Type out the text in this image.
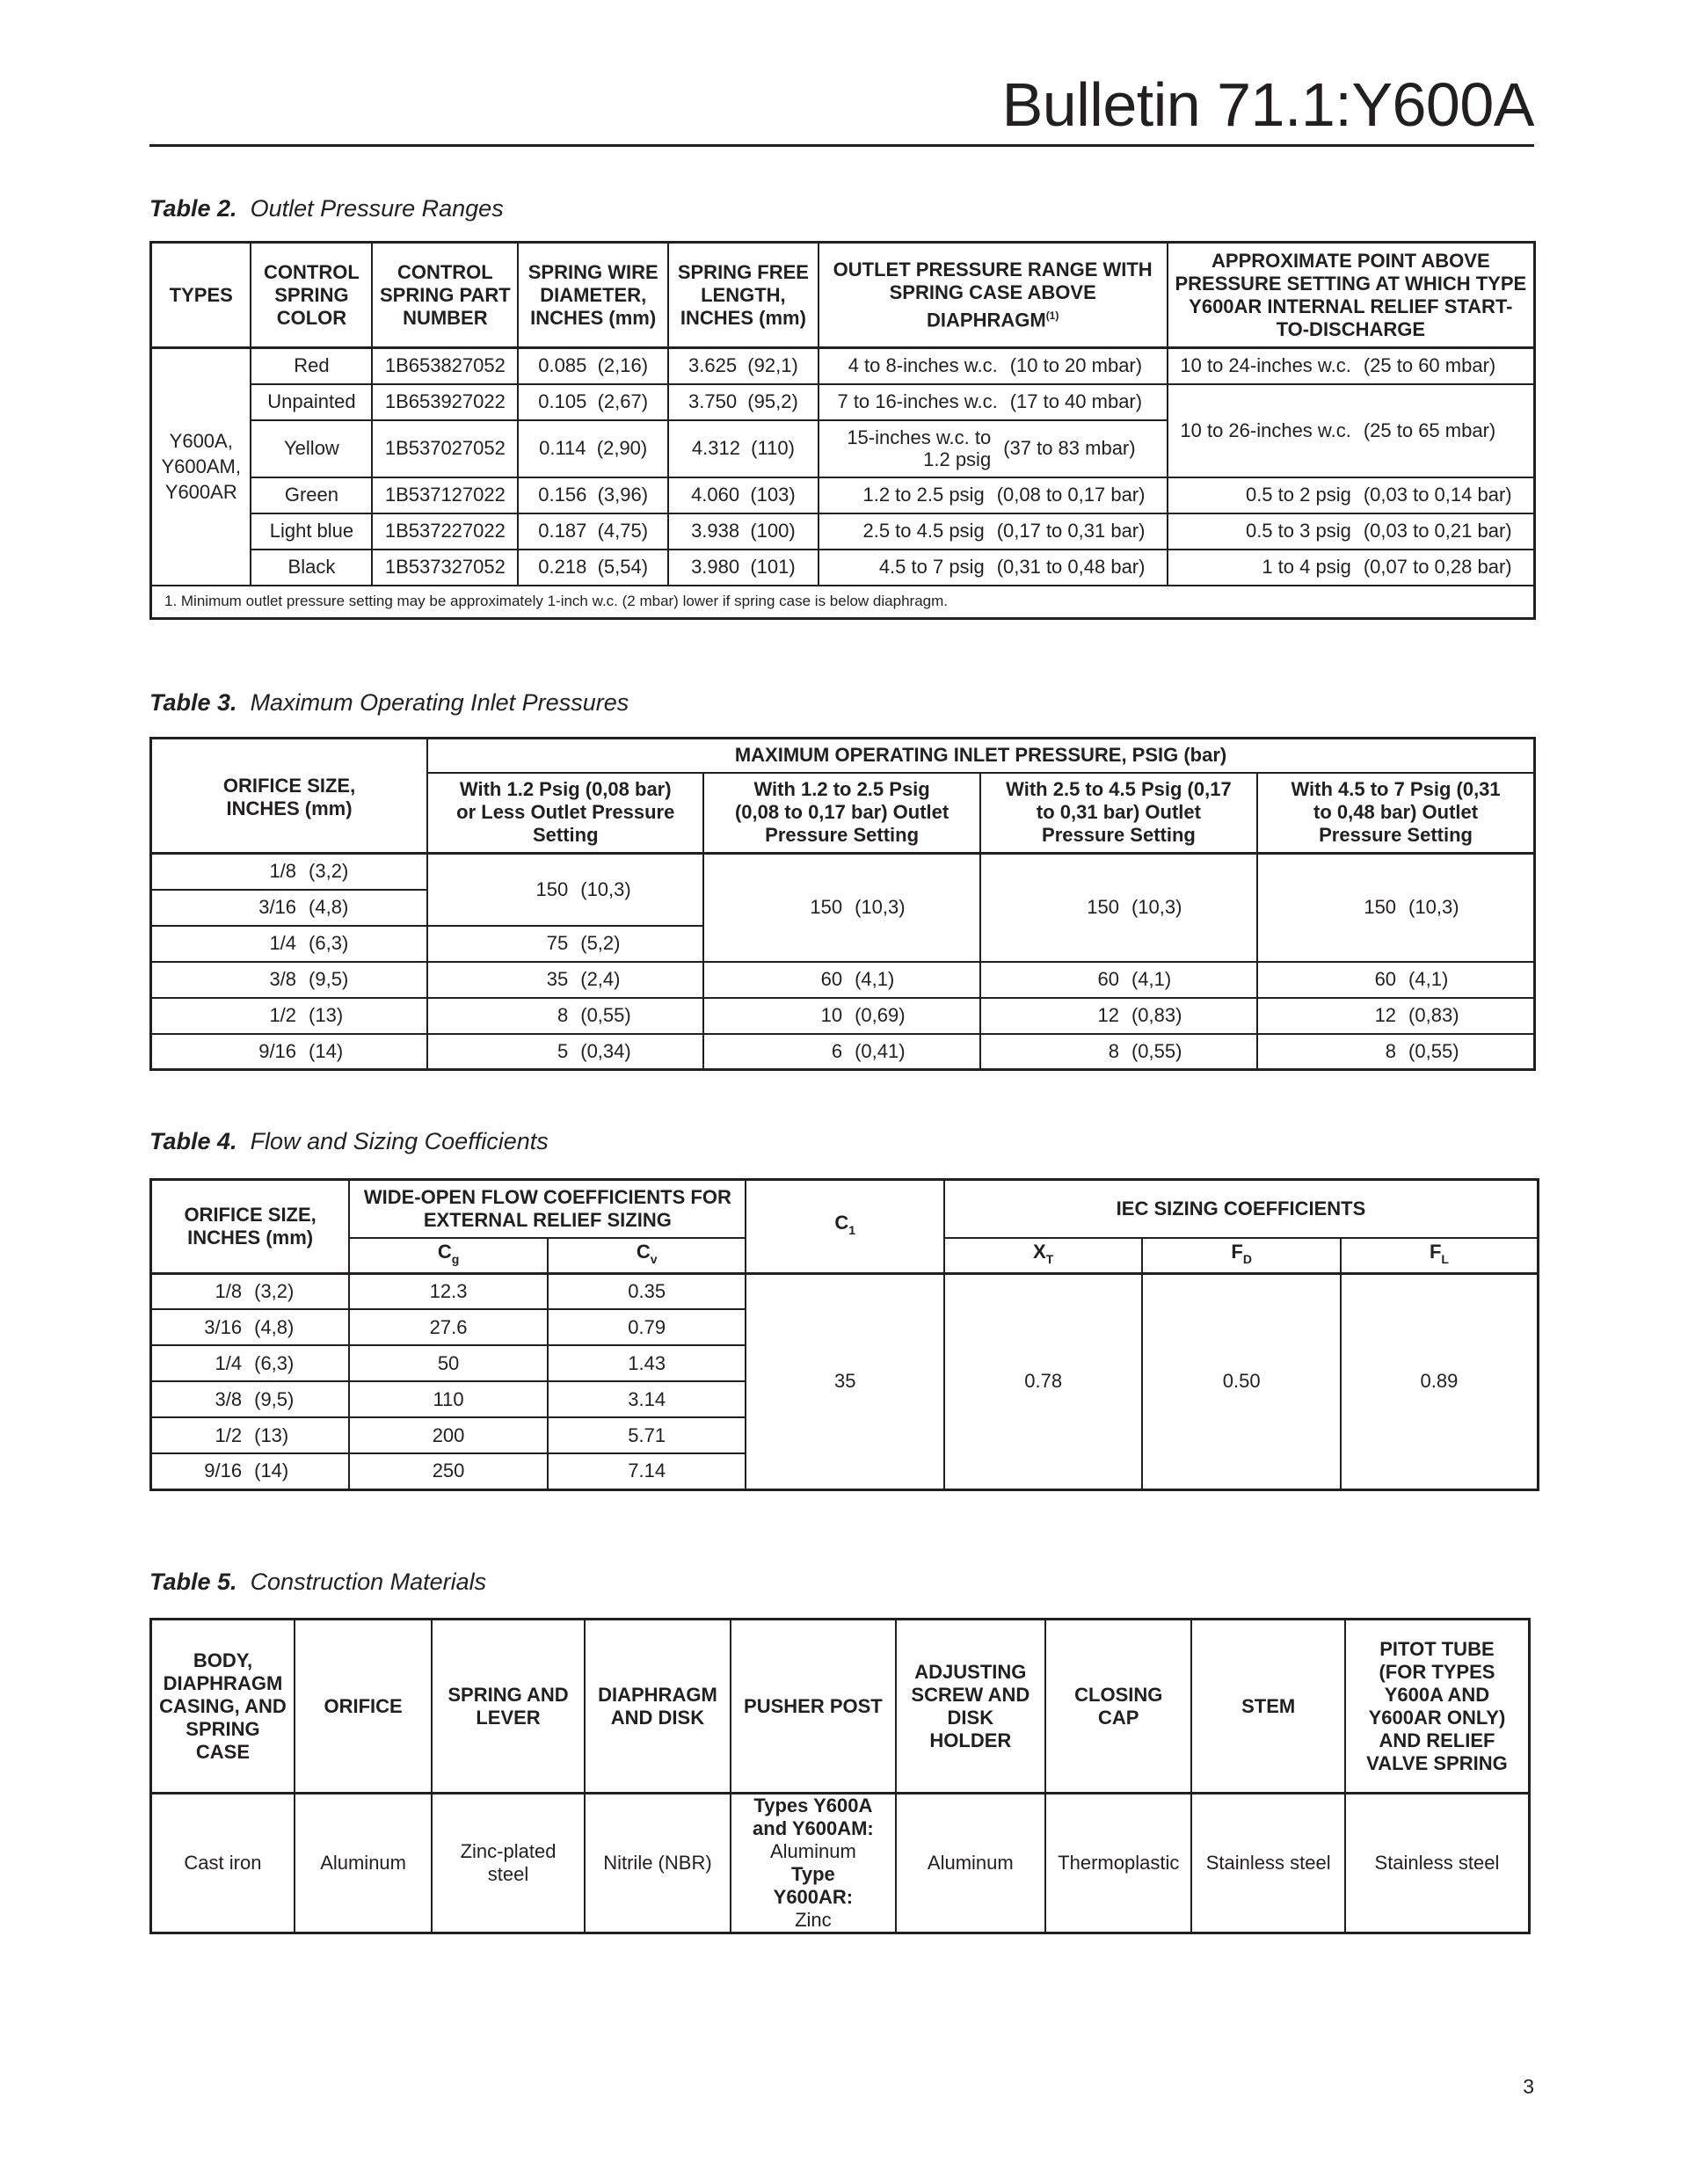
Bulletin 71.1:Y600A
Table 2. Outlet Pressure Ranges
TYPES	CONTROL SPRING COLOR	CONTROL SPRING PART NUMBER	SPRING WIRE DIAMETER, INCHES (mm)	SPRING FREE LENGTH, INCHES (mm)	OUTLET PRESSURE RANGE WITH SPRING CASE ABOVE DIAPHRAGM$^{(1)}$	APPROXIMATE POINT ABOVE PRESSURE SETTING AT WHICH TYPE Y600AR INTERNAL RELIEF START-TO-DISCHARGE
Y600A, Y600AM, Y600AR	Red	1B653827052	0.085 (2,16)	3.625 (92,1)	4 to 8-inches w.c. (10 to 20 mbar)	10 to 24-inches w.c. (25 to 60 mbar)
	Unpainted	1B653927022	0.105 (2,67)	3.750 (95,2)	7 to 16-inches w.c. (17 to 40 mbar)	10 to 26-inches w.c. (25 to 65 mbar)
	Yellow	1B537027052	0.114 (2,90)	4.312 (110)	15-inches w.c. to 1.2 psig(37 to 83 mbar)	
	Green	1B537127022	0.156 (3,96)	4.060 (103)	1.2 to 2.5 psig (0,08 to 0,17 bar)	0.5 to 2 psig (0,03 to 0,14 bar)
	Light blue	1B537227022	0.187 (4,75)	3.938 (100)	2.5 to 4.5 psig (0,17 to 0,31 bar)	0.5 to 3 psig (0,03 to 0,21 bar)
	Black	1B537327052	0.218 (5,54)	3.980 (101)	4.5 to 7 psig (0,31 to 0,48 bar)	1 to 4 psig (0,07 to 0,28 bar)
1. Minimum outlet pressure setting may be approximately 1-inch w.c. (2 mbar) lower if spring case is below diaphragm.						
Table 3. Maximum Operating Inlet Pressures
ORIFICE SIZE, INCHES (mm)	MAXIMUM OPERATING INLET PRESSURE, PSIG (bar)			
	With 1.2 Psig (0,08 bar) or Less Outlet Pressure Setting	With 1.2 to 2.5 Psig (0,08 to 0,17 bar) Outlet Pressure Setting	With 2.5 to 4.5 Psig (0,17 to 0,31 bar) Outlet Pressure Setting	With 4.5 to 7 Psig (0,31 to 0,48 bar) Outlet Pressure Setting
1/8 (3,2)	150 (10,3)	150 (10,3)	150 (10,3)	150 (10,3)
3/16 (4,8)				
1/4 (6,3)	75 (5,2)			
3/8 (9,5)	35 (2,4)	60 (4,1)	60 (4,1)	60 (4,1)
1/2 (13)	8 (0,55)	10 (0,69)	12 (0,83)	12 (0,83)
9/16 (14)	5 (0,34)	6 (0,41)	8 (0,55)	8 (0,55)
Table 4. Flow and Sizing Coefficients
ORIFICE SIZE, INCHES (mm)	WIDE-OPEN FLOW COEFFICIENTS FOR EXTERNAL RELIEF SIZING		$C_1$	IEC SIZING COEFFICIENTS		
	$C_g$	$C_v$		$X_T$	$F_D$	$F_L$
1/8 (3,2)	12.3	0.35	35	0.78	0.50	0.89
3/16 (4,8)	27.6	0.79				
1/4 (6,3)	50	1.43				
3/8 (9,5)	110	3.14				
1/2 (13)	200	5.71				
9/16 (14)	250	7.14				
Table 5. Construction Materials
BODY, DIAPHRAGM CASING, AND SPRING CASE	ORIFICE	SPRING AND LEVER	DIAPHRAGM AND DISK	PUSHER POST	ADJUSTING SCREW AND DISK HOLDER	CLOSING CAP	STEM	PITOT TUBE (FOR TYPES Y600A AND Y600AR ONLY) AND RELIEF VALVE SPRING
Cast iron	Aluminum	Zinc-plated steel	Nitrile (NBR)	Types Y600A and Y600AM:
Aluminum
Type Y600AR:
Zinc	Aluminum	Thermoplastic	Stainless steel	Stainless steel
3
